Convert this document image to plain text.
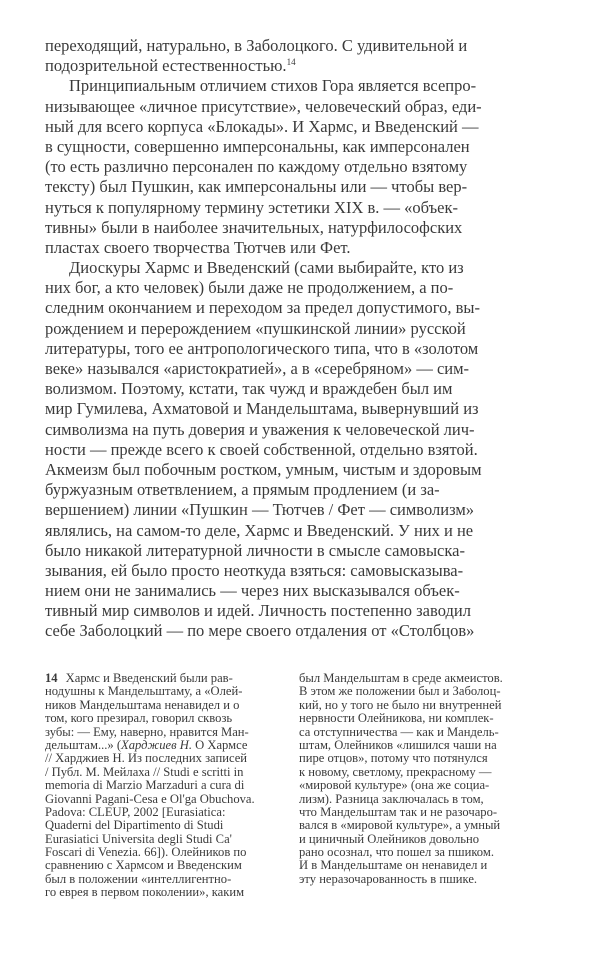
переходящий, натурально, в Заболоцкого. С удивительной и
подозрительной естественностью.$^{14}$
Принципиальным отличием стихов Гора является всепро-
низывающее «личное присутствие», человеческий образ, еди-
ный для всего корпуса «Блокады». И Хармс, и Введенский —
в сущности, совершенно имперсональны, как имперсонален
(то есть различно персонален по каждому отдельно взятому
тексту) был Пушкин, как имперсональны или — чтобы вер-
нуться к популярному термину эстетики XIX в. — «объек-
тивны» были в наиболее значительных, натурфилософских
пластах своего творчества Тютчев или Фет.
Диоскуры Хармс и Введенский (сами выбирайте, кто из
них бог, а кто человек) были даже не продолжением, а по-
следним окончанием и переходом за предел допустимого, вы-
рождением и перерождением «пушкинской линии» русской
литературы, того ее антропологического типа, что в «золотом
веке» назывался «аристократией», а в «серебряном» — сим-
волизмом. Поэтому, кстати, так чужд и враждебен был им
мир Гумилева, Ахматовой и Мандельштама, вывернувший из
символизма на путь доверия и уважения к человеческой лич-
ности — прежде всего к своей собственной, отдельно взятой.
Акмеизм был побочным ростком, умным, чистым и здоровым
буржуазным ответвлением, а прямым продлением (и за-
вершением) линии «Пушкин — Тютчев / Фет — символизм»
являлись, на самом-то деле, Хармс и Введенский. У них и не
было никакой литературной личности в смысле самовыска-
зывания, ей было просто неоткуда взяться: самовысказыва-
нием они не занимались — через них высказывался объек-
тивный мир символов и идей. Личность постепенно заводил
себе Заболоцкий — по мере своего отдаления от «Столбцов»
14 Хармс и Введенский были рав-
нодушны к Мандельштаму, а «Олей-
ников Мандельштама ненавидел и о
том, кого презирал, говорил сквозь
зубы: — Ему, наверно, нравится Ман-
дельштам...» (Харджиев Н. О Хармсе
// Харджиев Н. Из последних записей
/ Публ. М. Мейлаха // Studi e scritti in
memoria di Marzio Marzaduri a cura di
Giovanni Pagani-Cesa e Ol'ga Obuchova.
Padova: CLEUP, 2002 [Eurasiatica:
Quaderni del Dipartimento di Studi
Eurasiatici Universita degli Studi Ca'
Foscari di Venezia. 66]). Олейников по
сравнению с Хармсом и Введенским
был в положении «интеллигентно-
го еврея в первом поколении», каким
был Мандельштам в среде акмеистов.
В этом же положении был и Заболоц-
кий, но у того не было ни внутренней
нервности Олейникова, ни комплек-
са отступничества — как и Мандель-
штам, Олейников «лишился чаши на
пире отцов», потому что потянулся
к новому, светлому, прекрасному —
«мировой культуре» (она же социа-
лизм). Разница заключалась в том,
что Мандельштам так и не разочаро-
вался в «мировой культуре», а умный
и циничный Олейников довольно
рано осознал, что пошел за пшиком.
И в Мандельштаме он ненавидел и
эту неразочарованность в пшике.
